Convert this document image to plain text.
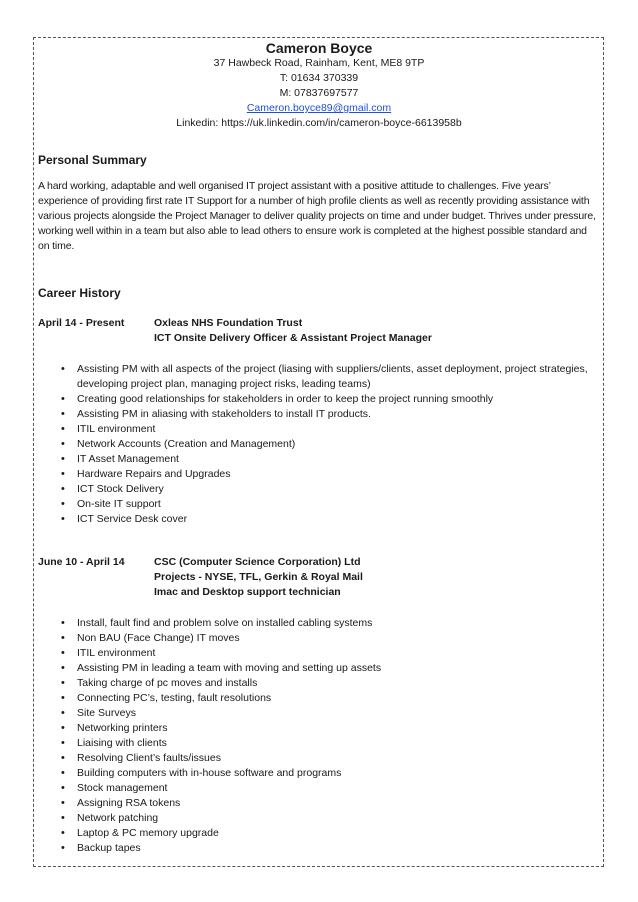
Cameron Boyce
37 Hawbeck Road, Rainham, Kent, ME8 9TP
T: 01634 370339
M: 07837697577
Cameron.boyce89@gmail.com
Linkedin: https://uk.linkedin.com/in/cameron-boyce-6613958b
Personal Summary
A hard working, adaptable and well organised IT project assistant with a positive attitude to challenges. Five years’ experience of providing first rate IT Support for a number of high profile clients as well as recently providing assistance with various projects alongside the Project Manager to deliver quality projects on time and under budget. Thrives under pressure, working well within in a team but also able to lead others to ensure work is completed at the highest possible standard and on time.
Career History
April 14 - Present	Oxleas NHS Foundation Trust
ICT Onsite Delivery Officer & Assistant Project Manager
• Assisting PM with all aspects of the project (liasing with suppliers/clients, asset deployment, project strategies, developing project plan, managing project risks, leading teams)
• Creating good relationships for stakeholders in order to keep the project running smoothly
• Assisting PM in aliasing with stakeholders to install IT products.
• ITIL environment
• Network Accounts (Creation and Management)
• IT Asset Management
• Hardware Repairs and Upgrades
• ICT Stock Delivery
• On-site IT support
• ICT Service Desk cover
June 10 - April 14	CSC (Computer Science Corporation) Ltd
Projects - NYSE, TFL, Gerkin & Royal Mail
Imac and Desktop support technician
• Install, fault find and problem solve on installed cabling systems
• Non BAU (Face Change) IT moves
• ITIL environment
• Assisting PM in leading a team with moving and setting up assets
• Taking charge of pc moves and installs
• Connecting PC’s, testing, fault resolutions
• Site Surveys
• Networking printers
• Liaising with clients
• Resolving Client’s faults/issues
• Building computers with in-house software and programs
• Stock management
• Assigning RSA tokens
• Network patching
• Laptop & PC memory upgrade
• Backup tapes
